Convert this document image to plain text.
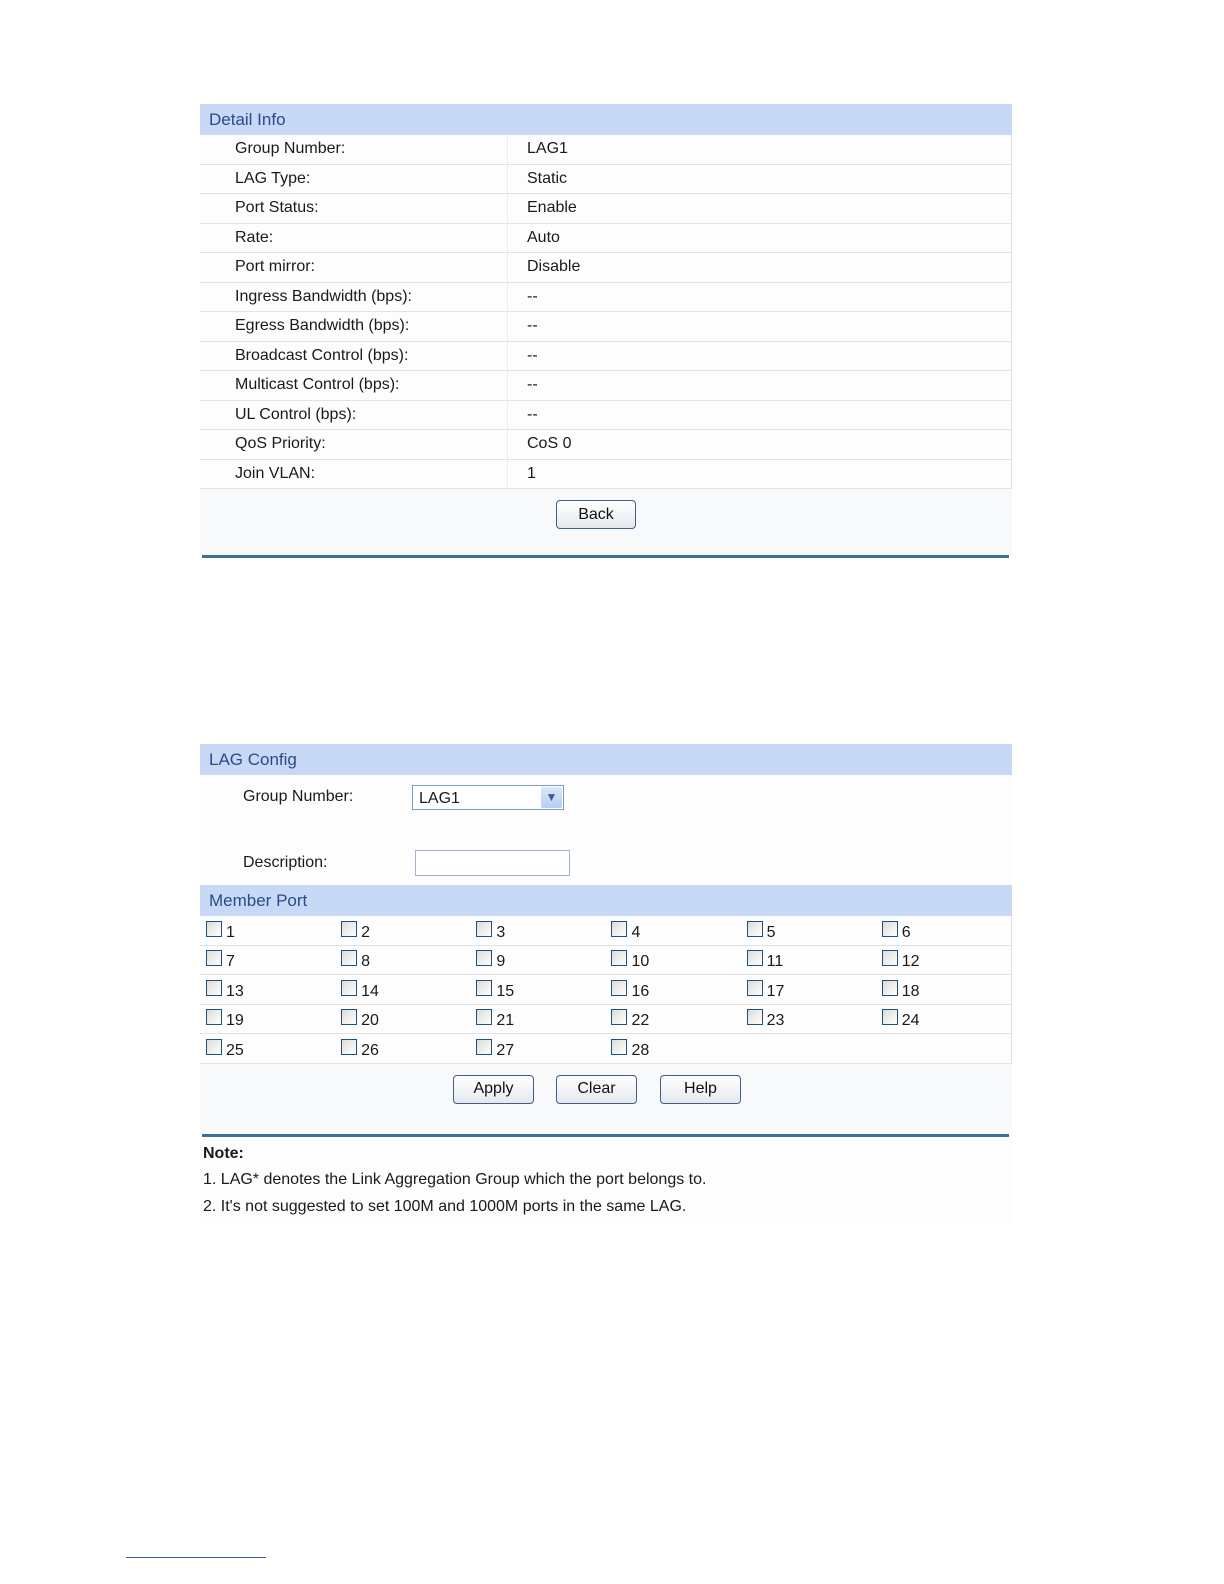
Detail Info
Group Number:	LAG1
LAG Type:	Static
Port Status:	Enable
Rate:	Auto
Port mirror:	Disable
Ingress Bandwidth (bps):	--
Egress Bandwidth (bps):	--
Broadcast Control (bps):	--
Multicast Control (bps):	--
UL Control (bps):	--
QoS Priority:	CoS 0
Join VLAN:	1
Back
LAG Config
Group Number:	LAG1	▼
Description:
Member Port
1	2	3	4	5	6
7	8	9	10	11	12
13	14	15	16	17	18
19	20	21	22	23	24
25	26	27	28		
Apply	Clear	Help
Note:
1. LAG* denotes the Link Aggregation Group which the port belongs to.
2. It's not suggested to set 100M and 1000M ports in the same LAG.
